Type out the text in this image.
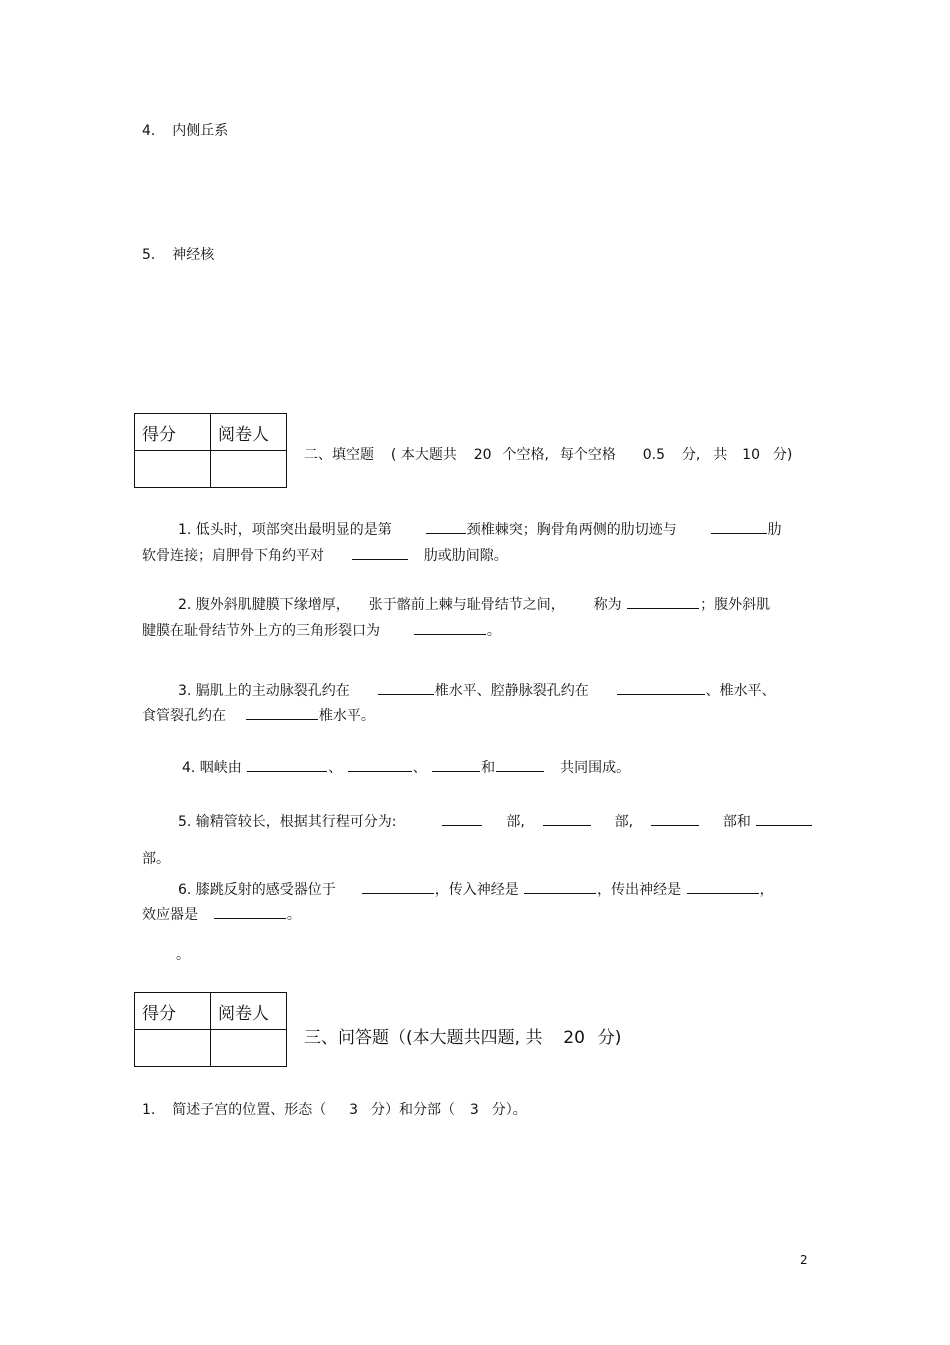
4. 内侧丘系
5. 神经核
得分	阅卷人

二、填空题 ( 本大题共 20 个空格, 每个空格 0.5 分, 共 10 分)
1. 低头时，项部突出最明显的是第	颈椎棘突；胸骨角两侧的肋切迹与	肋
软骨连接；肩胛骨下角约平对	肋或肋间隙。
2. 腹外斜肌腱膜下缘增厚， 张于髂前上棘与耻骨结节之间， 称为	；腹外斜肌
腱膜在耻骨结节外上方的三角形裂口为	。
3. 膈肌上的主动脉裂孔约在	椎水平、腔静脉裂孔约在	、椎水平、
食管裂孔约在	椎水平。
4. 咽峡由	、	、	和	共同围成。
5. 输精管较长，根据其行程可分为:	部,	部,	部和
部。
6. 膝跳反射的感受器位于	，传入神经是	，传出神经是	，
效应器是	。
。
得分	阅卷人

三、问答题（(本大题共四题, 共 20 分)
1. 简述子宫的位置、形态（ 3 分）和分部（ 3 分）。
2
